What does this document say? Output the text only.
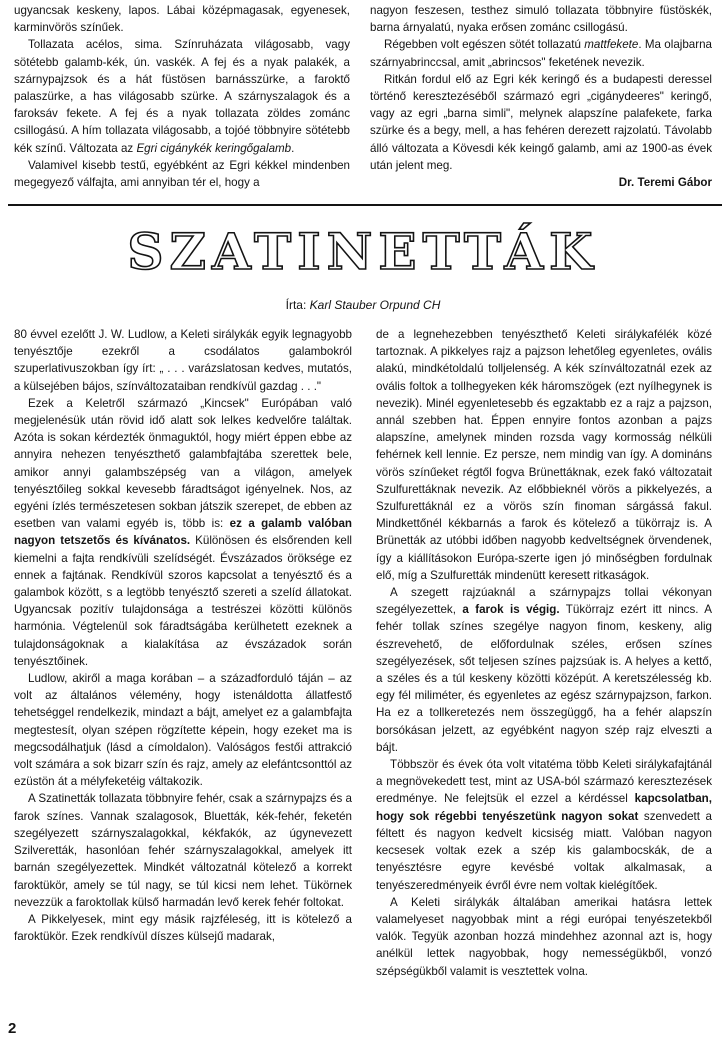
ugyancsak keskeny, lapos. Lábai középmagasak, egyenesek, karminvörös színűek.

Tollazata acélos, sima. Színruházata világosabb, vagy sötétebb galamb-kék, ún. vaskék. A fej és a nyak palakék, a szárnypajzsok és a hát füstösen barnásszürke, a faroktő palaszürke, a has világosabb szürke. A szárnyszalagok és a faroksáv fekete. A fej és a nyak tollazata zöldes zománc csillogású. A hím tollazata világosabb, a tojóé többnyire sötétebb kék színű. Változata az Egri cigánykék keringőgalamb.

Valamivel kisebb testű, egyébként az Egri kékkel mindenben megegyező válfajta, ami annyiban tér el, hogy a

nagyon feszesen, testhez simuló tollazata többnyire füstöskék, barna árnyalatú, nyaka erősen zománc csillogású.

Régebben volt egészen sötét tollazatú mattfekete. Ma olajbarna szárnyabrinccsal, amit „abrincsos" feketének nevezik.

Ritkán fordul elő az Egri kék keringő és a budapesti deressel történő keresztezéséből származó egri „cigánydeeres" keringő, vagy az egri „barna simli", melynek alapszíne palafekete, farka szürke és a begy, mell, a has fehéren derezett rajzolatú. Távolabb álló változata a Kövesdi kék keingő galamb, ami az 1900-as évek után jelent meg.

Dr. Teremi Gábor

SZATINETTÁK
Írta: Karl Stauber Orpund CH

80 évvel ezelőtt J. W. Ludlow, a Keleti sirálykák egyik legnagyobb tenyésztője ezekről a csodálatos galambokról szuperlativuszokban így írt: „ . . . varázslatosan kedves, mutatós, a külsejében bájos, színváltozataiban rendkívül gazdag . . ."

Ezek a Keletről származó „Kincsek" Európában való megjelenésük után rövid idő alatt sok lelkes kedvelőre találtak. Azóta is sokan kérdezték önmaguktól, hogy miért éppen ebbe az annyira nehezen tenyészthető galambfajtába szerettek bele, amikor annyi galambszépség van a világon, amelyek tenyésztőileg sokkal kevesebb fáradtságot igényelnek. Nos, az egyéni ízlés természetesen sokban játszik szerepet, de ebben az esetben van valami egyéb is, több is: ez a galamb valóban nagyon tetszetős és kívánatos. Különösen és elsőrenden kell kiemelni a fajta rendkívüli szelídségét. Évszázados öröksége ez ennek a fajtának. Rendkívül szoros kapcsolat a tenyésztő és a galambok között, s a legtöbb tenyésztő szereti a szelíd állatokat. Ugyancsak pozitív tulajdonsága a testrészei közötti különös harmónia. Végtelenül sok fáradtságába kerülhetett ezeknek a tulajdonságoknak a kialakítása az évszázadok során tenyésztőinek.

Ludlow, akiről a maga korában – a századforduló táján – az volt az általános vélemény, hogy istenáldotta állatfestő tehetséggel rendelkezik, mindazt a bájt, amelyet ez a galambfajta megtestesít, olyan szépen rögzítette képein, hogy ezeket ma is megcsodálhatjuk (lásd a címoldalon). Valóságos festői attrakció volt számára a sok bizarr szín és rajz, amely az elefántcsonttól az ezüstön át a mélyfeketéig váltakozik.

A Szatinetták tollazata többnyire fehér, csak a szárnypajzs és a farok színes. Vannak szalagosok, Bluetták, kék-fehér, feketén szegélyezett szárnyszalagokkal, kékfakók, az úgynevezett Szilveretták, hasonlóan fehér szárnyszalagokkal, amelyek itt barnán szegélyezettek. Mindkét változatnál kötelező a korrekt faroktükör, amely se túl nagy, se túl kicsi nem lehet. Tükörnek nevezzük a faroktollak külső harmadán levő kerek fehér foltokat.

A Pikkelyesek, mint egy másik rajzféleség, itt is kötelező a faroktükör. Ezek rendkívül díszes külsejű madarak,

de a legnehezebben tenyészthető Keleti sirálykafélék közé tartoznak. A pikkelyes rajz a pajzson lehetőleg egyenletes, ovális alakú, mindkétoldalú tolljelenség. A kék színváltozatnál ezek az ovális foltok a tollhegyeken kék háromszögek (ezt nyílhegynek is nevezik). Minél egyenletesebb és egzaktabb ez a rajz a pajzson, annál szebben hat. Éppen ennyire fontos azonban a pajzs alapszíne, amelynek minden rozsda vagy kormosság nélküli fehérnek kell lennie. Ez persze, nem mindig van így. A domináns vörös színűeket régtől fogva Brünettáknak, ezek fakó változatait Szulfurettáknak nevezik. Az előbbieknél vörös a pikkelyezés, a Szulfurettáknál ez a vörös szín finoman sárgássá fakul. Mindkettőnél kékbarnás a farok és kötelező a tükörrajz is. A Brünetták az utóbbi időben nagyobb kedveltségnek örvendenek, így a kiállításokon Európa-szerte igen jó minőségben fordulnak elő, míg a Szulfuretták mindenütt keresett ritkaságok.

A szegett rajzúaknál a szárnypajzs tollai vékonyan szegélyezettek, a farok is végig. Tükörrajz ezért itt nincs. A fehér tollak színes szegélye nagyon finom, keskeny, alig észrevehető, de előfordulnak széles, erősen színes szegélyezések, sőt teljesen színes pajzsúak is. A helyes a kettő, a széles és a túl keskeny közötti középút. A keretszélesség kb. egy fél miliméter, és egyenletes az egész szárnypajzson, farkon. Ha ez a tollkeretezés nem összegüggő, ha a fehér alapszín borsókásan jelzett, az egyébként nagyon szép rajz elveszti a bájt.

Többször és évek óta volt vitatéma több Keleti sirálykafajtánál a megnövekedett test, mint az USA-ból származó keresztezések eredménye. Ne felejtsük el ezzel a kérdéssel kapcsolatban, hogy sok régebbi tenyészetünk nagyon sokat szenvedett a féltett és nagyon kedvelt kicsiség miatt. Valóban nagyon kecsesek voltak ezek a szép kis galambocskák, de a tenyésztésre egyre kevésbé voltak alkalmasak, a tenyészeredményeik évről évre nem voltak kielégítőek.

A Keleti sirálykák általában amerikai hatásra lettek valamelyeset nagyobbak mint a régi európai tenyészetekből valók. Tegyük azonban hozzá mindehhez azonnal azt is, hogy anélkül lettek nagyobbak, hogy nemességükből, vonzó szépségükből valamit is vesztettek volna.

2
